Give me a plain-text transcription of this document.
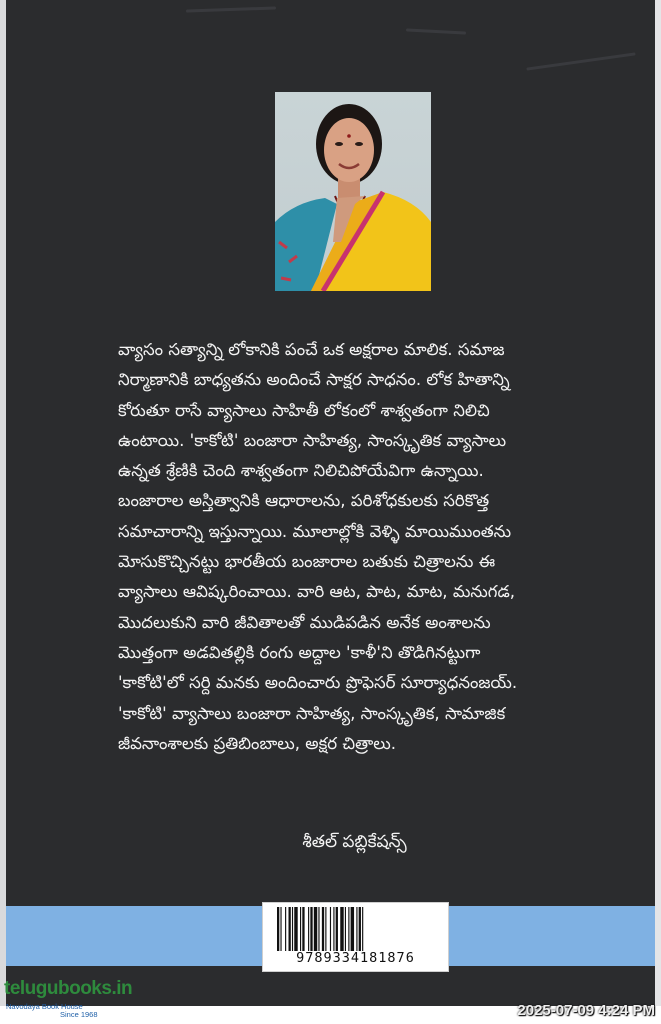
వ్యాసం సత్యాన్ని లోకానికి పంచే ఒక అక్షరాల మాలిక. సమాజ

నిర్మాణానికి బాధ్యతను అందించే సాక్షర సాధనం. లోక హితాన్ని

కోరుతూ రాసే వ్యాసాలు సాహితీ లోకంలో శాశ్వతంగా నిలిచి

ఉంటాయి. 'కాకోటి' బంజారా సాహిత్య, సాంస్కృతిక వ్యాసాలు

ఉన్నత శ్రేణికి చెంది శాశ్వతంగా నిలిచిపోయేవిగా ఉన్నాయి.

బంజారాల అస్తిత్వానికి ఆధారాలను, పరిశోధకులకు సరికొత్త

సమాచారాన్ని ఇస్తున్నాయి. మూలాల్లోకి వెళ్ళి మాయిముంతను

మోసుకొచ్చినట్టు భారతీయ బంజారాల బతుకు చిత్రాలను ఈ

వ్యాసాలు ఆవిష్కరించాయి. వారి ఆట, పాట, మాట, మనుగడ,

మొదలుకుని వారి జీవితాలతో ముడిపడిన అనేక అంశాలను

మొత్తంగా అడవితల్లికి రంగు అద్దాల 'కాళీ'ని తొడిగినట్టుగా

'కాకోటి'లో సర్ది మనకు అందించారు ప్రొఫెసర్ సూర్యాధనంజయ్.

'కాకోటి' వ్యాసాలు బంజారా సాహిత్య, సాంస్కృతిక, సామాజిక

జీవనాంశాలకు ప్రతిబింబాలు, అక్షర చిత్రాలు.

శీతల్ పబ్లికేషన్స్
9789334181876
telugubooks.in
Navodaya Book House
Since 1968	2025-07-09 4:24 PM
